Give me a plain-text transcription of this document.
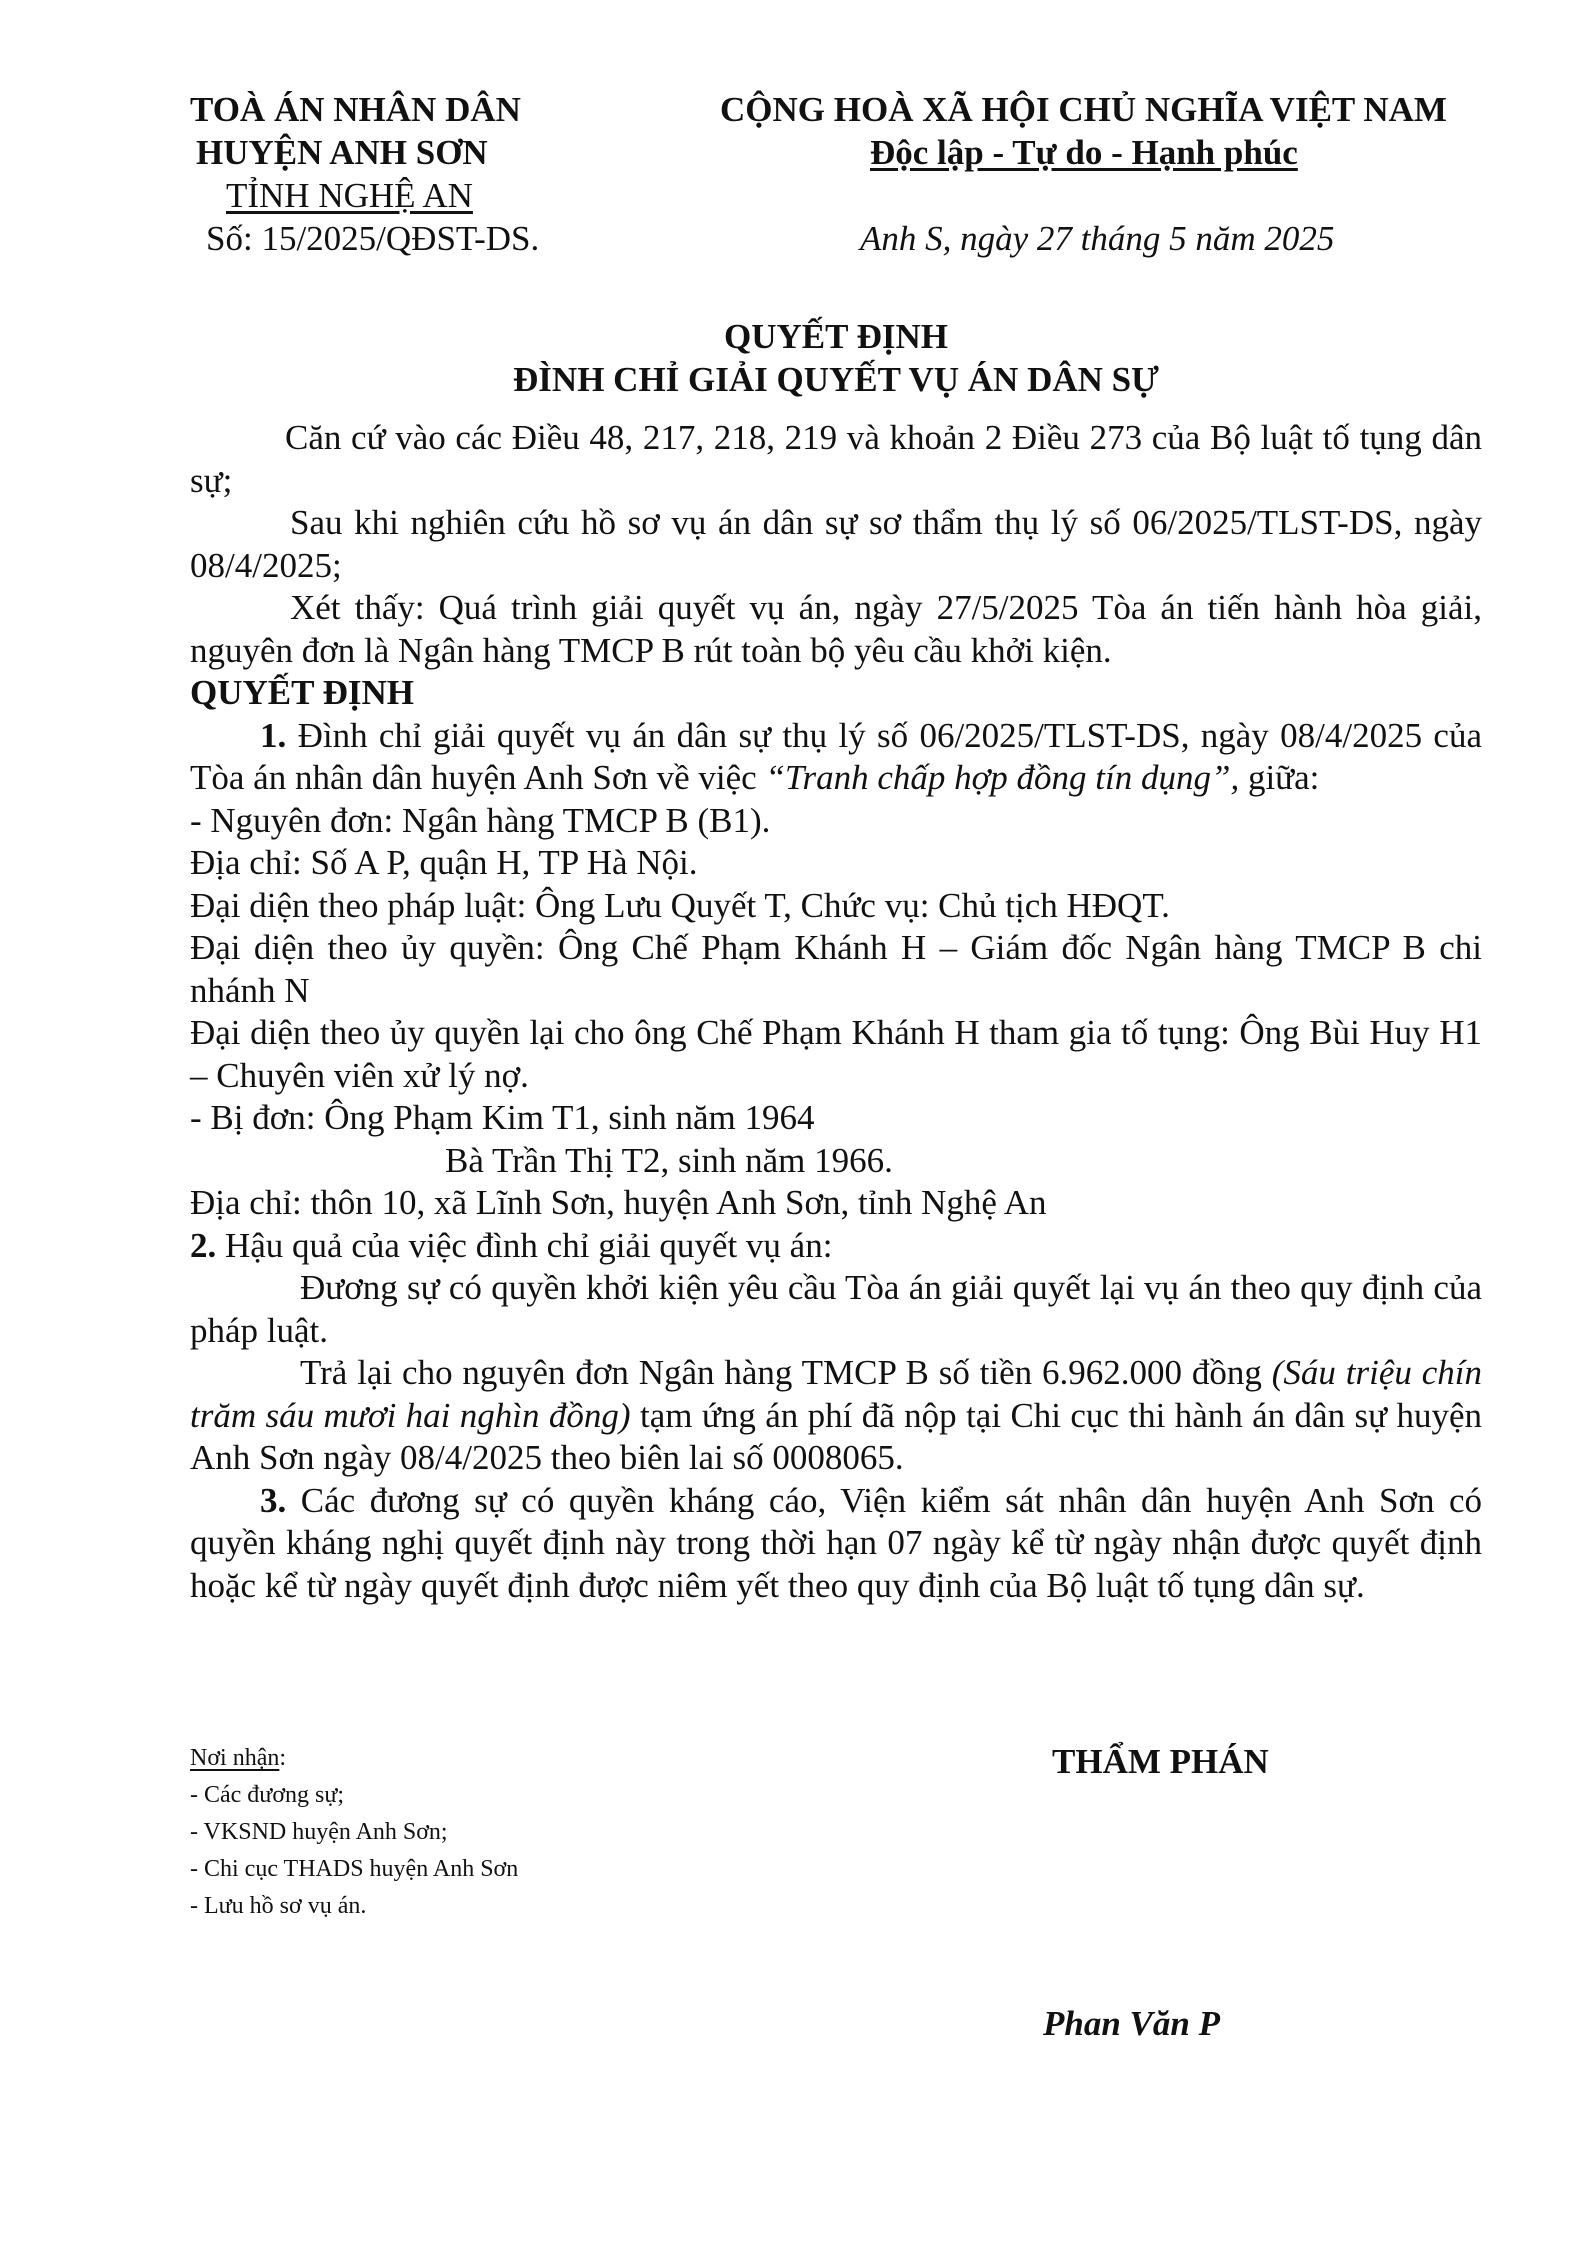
TOÀ ÁN NHÂN DÂN
HUYỆN ANH SƠN
TỈNH NGHỆ AN
Số: 15/2025/QĐST-DS.
CỘNG HOÀ XÃ HỘI CHỦ NGHĨA VIỆT NAM
Độc lập - Tự do - Hạnh phúc
Anh S, ngày 27 tháng 5 năm 2025
QUYẾT ĐỊNH
ĐÌNH CHỈ GIẢI QUYẾT VỤ ÁN DÂN SỰ

Căn cứ vào các Điều 48, 217, 218, 219 và khoản 2 Điều 273 của Bộ luật tố tụng dân sự;

Sau khi nghiên cứu hồ sơ vụ án dân sự sơ thẩm thụ lý số 06/2025/TLST-DS, ngày 08/4/2025;

Xét thấy: Quá trình giải quyết vụ án, ngày 27/5/2025 Tòa án tiến hành hòa giải, nguyên đơn là Ngân hàng TMCP B rút toàn bộ yêu cầu khởi kiện.

QUYẾT ĐỊNH

1. Đình chỉ giải quyết vụ án dân sự thụ lý số 06/2025/TLST-DS, ngày 08/4/2025 của Tòa án nhân dân huyện Anh Sơn về việc “Tranh chấp hợp đồng tín dụng”, giữa:

- Nguyên đơn: Ngân hàng TMCP B (B1).

Địa chỉ: Số A P, quận H, TP Hà Nội.

Đại diện theo pháp luật: Ông Lưu Quyết T, Chức vụ: Chủ tịch HĐQT.

Đại diện theo ủy quyền: Ông Chế Phạm Khánh H – Giám đốc Ngân hàng TMCP B chi nhánh N

Đại diện theo ủy quyền lại cho ông Chế Phạm Khánh H tham gia tố tụng: Ông Bùi Huy H1 – Chuyên viên xử lý nợ.

- Bị đơn: Ông Phạm Kim T1, sinh năm 1964

Bà Trần Thị T2, sinh năm 1966.

Địa chỉ: thôn 10, xã Lĩnh Sơn, huyện Anh Sơn, tỉnh Nghệ An

2. Hậu quả của việc đình chỉ giải quyết vụ án:

Đương sự có quyền khởi kiện yêu cầu Tòa án giải quyết lại vụ án theo quy định của pháp luật.

Trả lại cho nguyên đơn Ngân hàng TMCP B số tiền 6.962.000 đồng (Sáu triệu chín trăm sáu mươi hai nghìn đồng) tạm ứng án phí đã nộp tại Chi cục thi hành án dân sự huyện Anh Sơn ngày 08/4/2025 theo biên lai số 0008065.

3. Các đương sự có quyền kháng cáo, Viện kiểm sát nhân dân huyện Anh Sơn có quyền kháng nghị quyết định này trong thời hạn 07 ngày kể từ ngày nhận được quyết định hoặc kể từ ngày quyết định được niêm yết theo quy định của Bộ luật tố tụng dân sự.

Nơi nhận:
- Các đương sự;
- VKSND huyện Anh Sơn;
- Chi cục THADS huyện Anh Sơn
- Lưu hồ sơ vụ án.
THẨM PHÁN
Phan Văn P
